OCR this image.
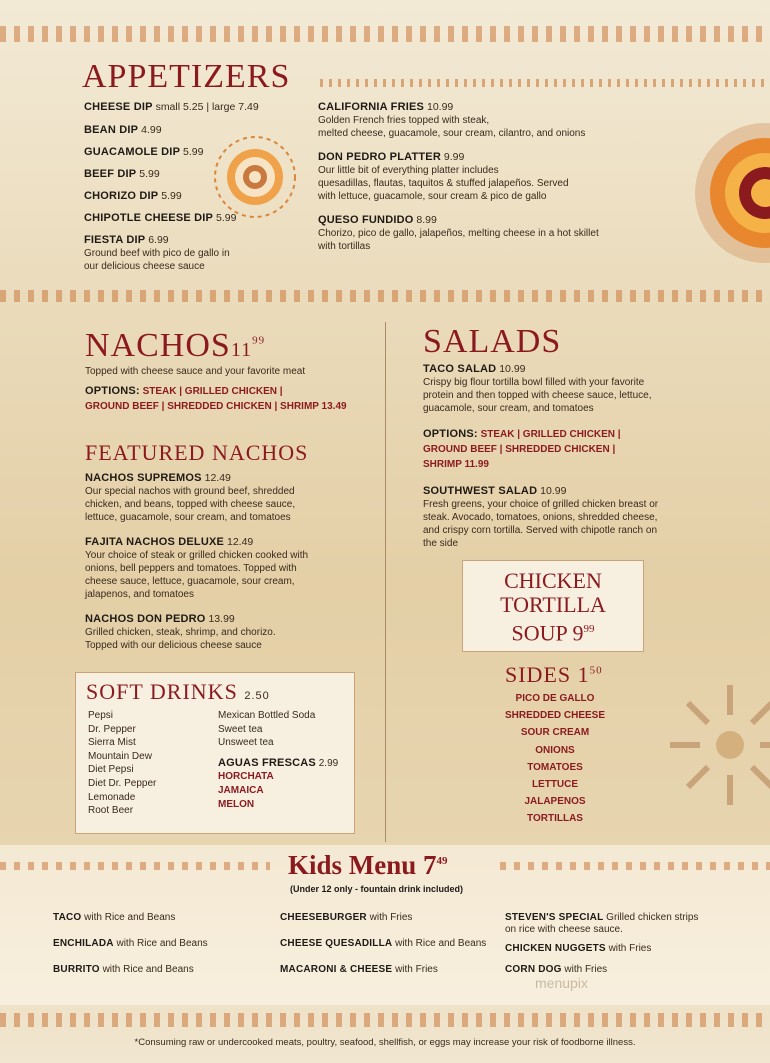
APPETIZERS
CHEESE DIP small 5.25 | large 7.49
BEAN DIP 4.99
GUACAMOLE DIP 5.99
BEEF DIP 5.99
CHORIZO DIP 5.99
CHIPOTLE CHEESE DIP 5.99
FIESTA DIP 6.99
Ground beef with pico de gallo in
our delicious cheese sauce
CALIFORNIA FRIES 10.99
Golden French fries topped with steak,
melted cheese, guacamole, sour cream, cilantro, and onions
DON PEDRO PLATTER 9.99
Our little bit of everything platter includes
quesadillas, flautas, taquitos & stuffed jalapeños. Served
with lettuce, guacamole, sour cream & pico de gallo
QUESO FUNDIDO 8.99
Chorizo, pico de gallo, jalapeños, melting cheese in a hot skillet
with tortillas
$NACHOS11^{99}$
Topped with cheese sauce and your favorite meat
OPTIONS: STEAK | GRILLED CHICKEN |
GROUND BEEF | SHREDDED CHICKEN | SHRIMP 13.49
FEATURED NACHOS
NACHOS SUPREMOS 12.49
Our special nachos with ground beef, shredded
chicken, and beans, topped with cheese sauce,
lettuce, guacamole, sour cream, and tomatoes
FAJITA NACHOS DELUXE 12.49
Your choice of steak or grilled chicken cooked with
onions, bell peppers and tomatoes. Topped with
cheese sauce, lettuce, guacamole, sour cream,
jalapenos, and tomatoes
NACHOS DON PEDRO 13.99
Grilled chicken, steak, shrimp, and chorizo.
Topped with our delicious cheese sauce
SOFT DRINKS 2.50
Pepsi
Dr. Pepper
Sierra Mist
Mountain Dew
Diet Pepsi
Diet Dr. Pepper
Lemonade
Root Beer
Mexican Bottled Soda
Sweet tea
Unsweet tea
AGUAS FRESCAS 2.99
HORCHATA
JAMAICA
MELON
SALADS
TACO SALAD 10.99
Crispy big flour tortilla bowl filled with your favorite
protein and then topped with cheese sauce, lettuce,
guacamole, sour cream, and tomatoes
OPTIONS: STEAK | GRILLED CHICKEN |
GROUND BEEF | SHREDDED CHICKEN |
SHRIMP 11.99
SOUTHWEST SALAD 10.99
Fresh greens, your choice of grilled chicken breast or
steak. Avocado, tomatoes, onions, shredded cheese,
and crispy corn tortilla. Served with chipotle ranch on
the side
CHICKEN
TORTILLA
SOUP $9^{99}$
SIDES $1^{50}$
PICO DE GALLO
SHREDDED CHEESE
SOUR CREAM
ONIONS
TOMATOES
LETTUCE
JALAPENOS
TORTILLAS
Kids Menu $7^{49}$
(Under 12 only - fountain drink included)
TACO with Rice and Beans
ENCHILADA with Rice and Beans
BURRITO with Rice and Beans
CHEESEBURGER with Fries
CHEESE QUESADILLA with Rice and Beans
MACARONI & CHEESE with Fries
STEVEN'S SPECIAL Grilled chicken strips
on rice with cheese sauce.
CHICKEN NUGGETS with Fries
CORN DOG with Fries
menupix
*Consuming raw or undercooked meats, poultry, seafood, shellfish, or eggs may increase your risk of foodborne illness.
